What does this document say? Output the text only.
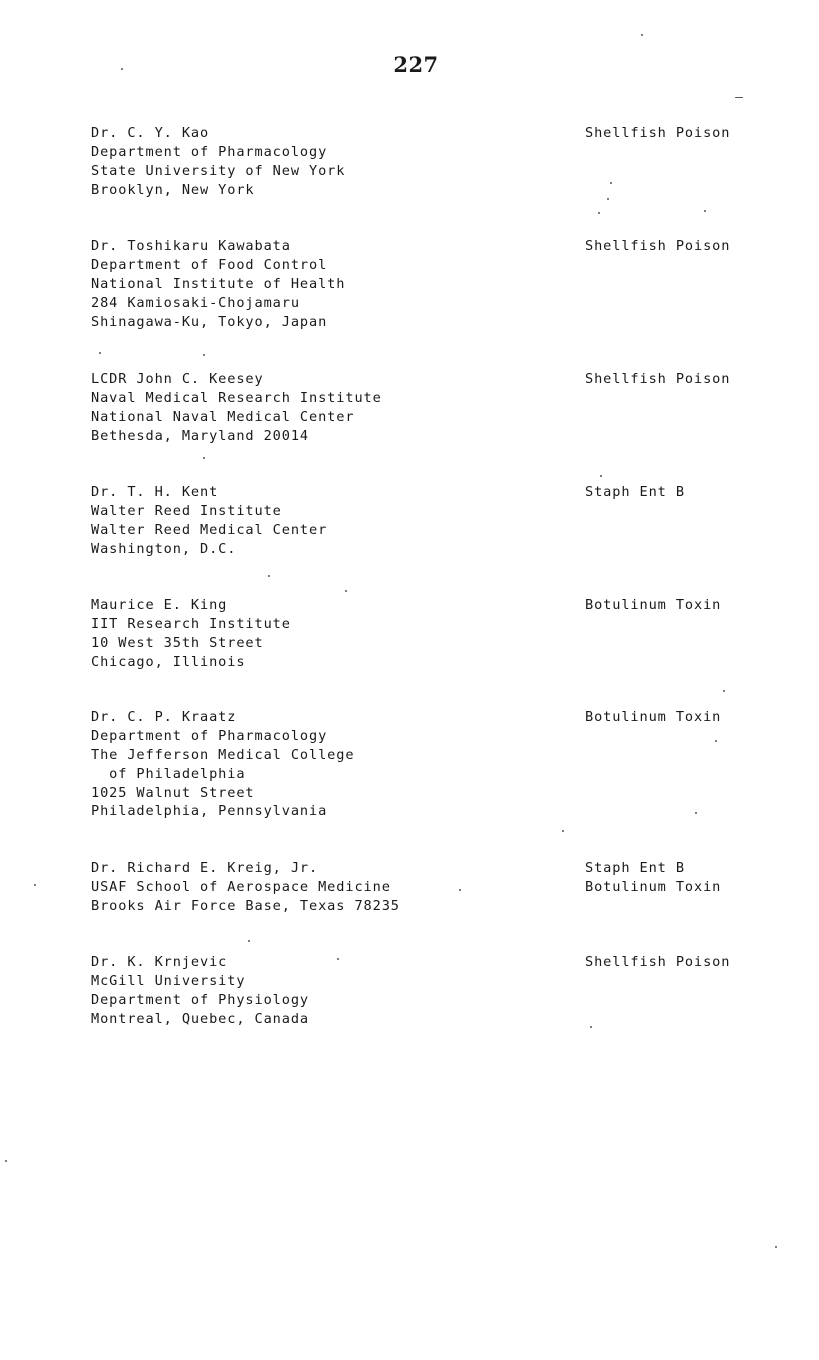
227
Dr. C. Y. Kao
Department of Pharmacology
State University of New York
Brooklyn, New York
Shellfish Poison
Dr. Toshikaru Kawabata
Department of Food Control
National Institute of Health
284 Kamiosaki-Chojamaru
Shinagawa-Ku, Tokyo, Japan
Shellfish Poison
LCDR John C. Keesey
Naval Medical Research Institute
National Naval Medical Center
Bethesda, Maryland 20014
Shellfish Poison
Dr. T. H. Kent
Walter Reed Institute
Walter Reed Medical Center
Washington, D.C.
Staph Ent B
Maurice E. King
IIT Research Institute
10 West 35th Street
Chicago, Illinois
Botulinum Toxin
Dr. C. P. Kraatz
Department of Pharmacology
The Jefferson Medical College
of Philadelphia
1025 Walnut Street
Philadelphia, Pennsylvania
Botulinum Toxin
Dr. Richard E. Kreig, Jr.
USAF School of Aerospace Medicine
Brooks Air Force Base, Texas 78235
Staph Ent B
Botulinum Toxin
Dr. K. Krnjevic
McGill University
Department of Physiology
Montreal, Quebec, Canada
Shellfish Poison
